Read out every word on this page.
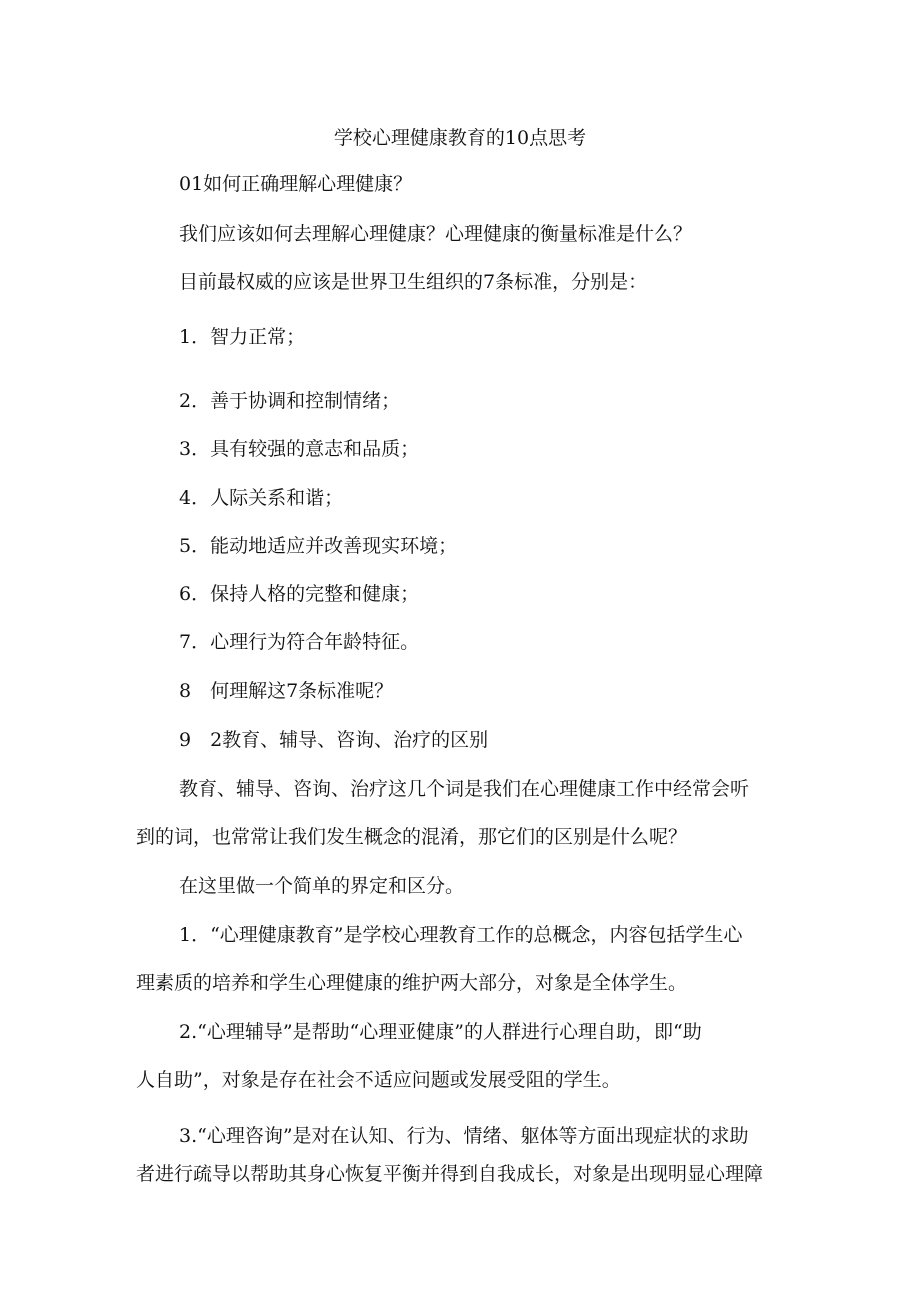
学校心理健康教育的10点思考
01如何正确理解心理健康？
我们应该如何去理解心理健康？心理健康的衡量标准是什么？
目前最权威的应该是世界卫生组织的7条标准，分别是：
1．智力正常；
2．善于协调和控制情绪；
3．具有较强的意志和品质；
4．人际关系和谐；
5．能动地适应并改善现实环境；
6．保持人格的完整和健康；
7．心理行为符合年龄特征。
8　何理解这7条标准呢？
9　2教育、辅导、咨询、治疗的区别
教育、辅导、咨询、治疗这几个词是我们在心理健康工作中经常会听
到的词，也常常让我们发生概念的混淆，那它们的区别是什么呢？
在这里做一个简单的界定和区分。
1．“心理健康教育”是学校心理教育工作的总概念，内容包括学生心
理素质的培养和学生心理健康的维护两大部分，对象是全体学生。
2.“心理辅导”是帮助“心理亚健康”的人群进行心理自助，即“助
人自助”，对象是存在社会不适应问题或发展受阻的学生。
3.“心理咨询”是对在认知、行为、情绪、躯体等方面出现症状的求助
者进行疏导以帮助其身心恢复平衡并得到自我成长，对象是出现明显心理障
